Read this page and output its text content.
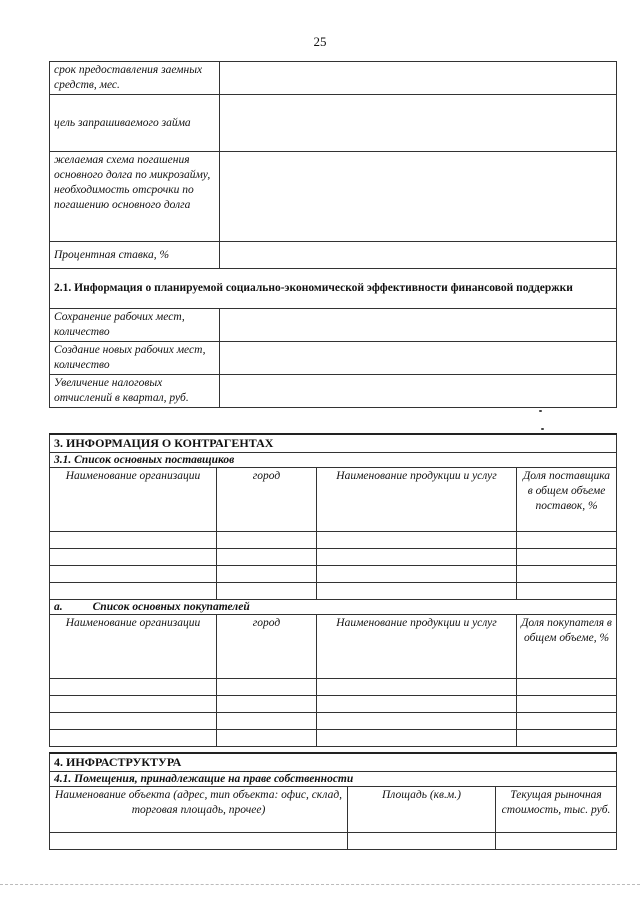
25
срок предоставления заемных средств, мес.	
цель запрашиваемого займа	
желаемая схема погашения основного долга по микрозайму, необходимость отсрочки по погашению основного долга	
Процентная ставка, %	
2.1. Информация о планируемой социально-экономической эффективности финансовой поддержки	
Сохранение рабочих мест, количество	
Создание новых рабочих мест, количество	
Увеличение налоговых отчислений в квартал, руб.	
3. ИНФОРМАЦИЯ О КОНТРАГЕНТАХ			
3.1. Список основных поставщиков			
Наименование организации	город	Наименование продукции и услуг	Доля поставщика в общем объеме поставок, %

a. Список основных покупателей			
Наименование организации	город	Наименование продукции и услуг	Доля покупателя в общем объеме, %

4. ИНФРАСТРУКТУРА		
4.1. Помещения, принадлежащие на праве собственности		
Наименование объекта (адрес, тип объекта: офис, склад, торговая площадь, прочее)	Площадь (кв.м.)	Текущая рыночная стоимость, тыс. руб.
